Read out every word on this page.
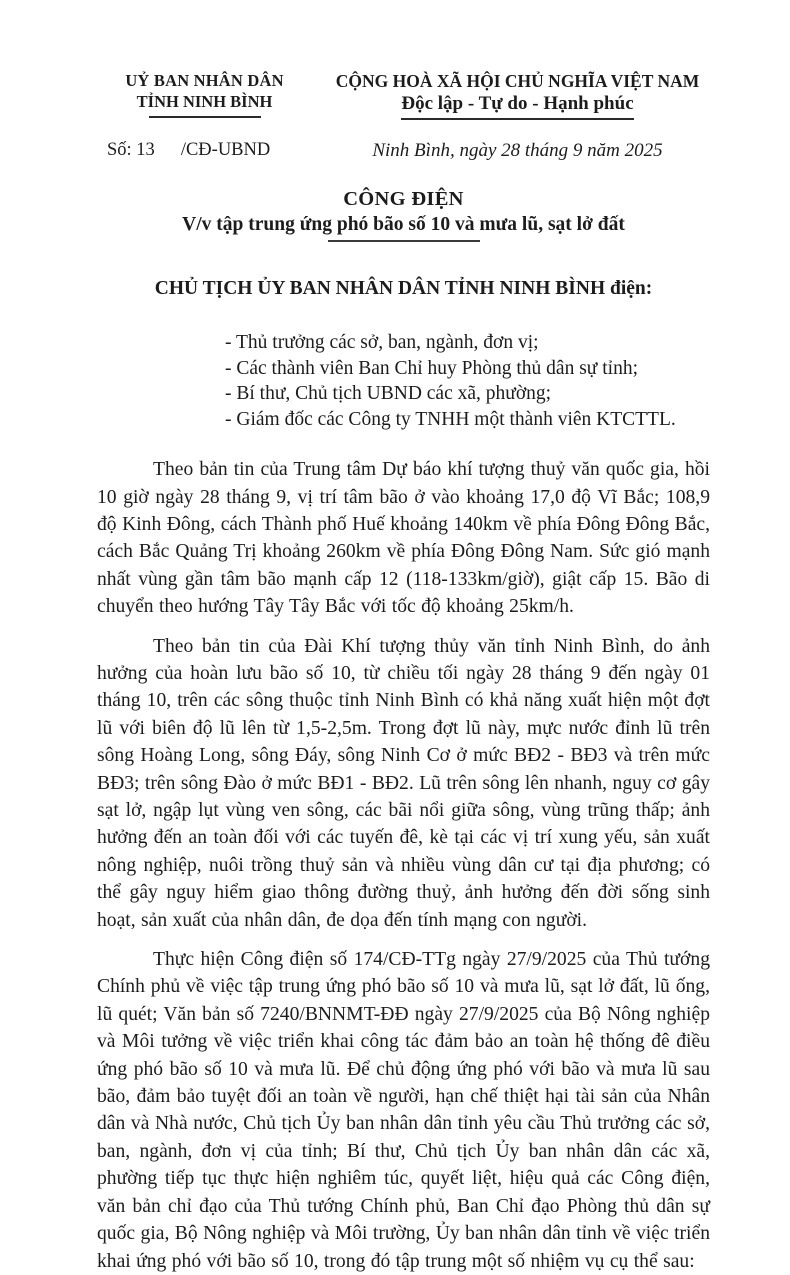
UỶ BAN NHÂN DÂN
TỈNH NINH BÌNH
Số: 13 /CĐ-UBND
CỘNG HOÀ XÃ HỘI CHỦ NGHĨA VIỆT NAM
Độc lập - Tự do - Hạnh phúc
Ninh Bình, ngày 28 tháng 9 năm 2025
CÔNG ĐIỆN
V/v tập trung ứng phó bão số 10 và mưa lũ, sạt lở đất
CHỦ TỊCH ỦY BAN NHÂN DÂN TỈNH NINH BÌNH điện:
- Thủ trưởng các sở, ban, ngành, đơn vị;
- Các thành viên Ban Chỉ huy Phòng thủ dân sự tỉnh;
- Bí thư, Chủ tịch UBND các xã, phường;
- Giám đốc các Công ty TNHH một thành viên KTCTTL.

Theo bản tin của Trung tâm Dự báo khí tượng thuỷ văn quốc gia, hồi 10 giờ ngày 28 tháng 9, vị trí tâm bão ở vào khoảng 17,0 độ Vĩ Bắc; 108,9 độ Kinh Đông, cách Thành phố Huế khoảng 140km về phía Đông Đông Bắc, cách Bắc Quảng Trị khoảng 260km về phía Đông Đông Nam. Sức gió mạnh nhất vùng gần tâm bão mạnh cấp 12 (118-133km/giờ), giật cấp 15. Bão di chuyển theo hướng Tây Tây Bắc với tốc độ khoảng 25km/h.

Theo bản tin của Đài Khí tượng thủy văn tỉnh Ninh Bình, do ảnh hưởng của hoàn lưu bão số 10, từ chiều tối ngày 28 tháng 9 đến ngày 01 tháng 10, trên các sông thuộc tỉnh Ninh Bình có khả năng xuất hiện một đợt lũ với biên độ lũ lên từ 1,5-2,5m. Trong đợt lũ này, mực nước đỉnh lũ trên sông Hoàng Long, sông Đáy, sông Ninh Cơ ở mức BĐ2 - BĐ3 và trên mức BĐ3; trên sông Đào ở mức BĐ1 - BĐ2. Lũ trên sông lên nhanh, nguy cơ gây sạt lở, ngập lụt vùng ven sông, các bãi nổi giữa sông, vùng trũng thấp; ảnh hưởng đến an toàn đối với các tuyến đê, kè tại các vị trí xung yếu, sản xuất nông nghiệp, nuôi trồng thuỷ sản và nhiều vùng dân cư tại địa phương; có thể gây nguy hiểm giao thông đường thuỷ, ảnh hưởng đến đời sống sinh hoạt, sản xuất của nhân dân, đe dọa đến tính mạng con người.

Thực hiện Công điện số 174/CĐ-TTg ngày 27/9/2025 của Thủ tướng Chính phủ về việc tập trung ứng phó bão số 10 và mưa lũ, sạt lở đất, lũ ống, lũ quét; Văn bản số 7240/BNNMT-ĐĐ ngày 27/9/2025 của Bộ Nông nghiệp và Môi tưởng về việc triển khai công tác đảm bảo an toàn hệ thống đê điều ứng phó bão số 10 và mưa lũ. Để chủ động ứng phó với bão và mưa lũ sau bão, đảm bảo tuyệt đối an toàn về người, hạn chế thiệt hại tài sản của Nhân dân và Nhà nước, Chủ tịch Ủy ban nhân dân tỉnh yêu cầu Thủ trưởng các sở, ban, ngành, đơn vị của tỉnh; Bí thư, Chủ tịch Ủy ban nhân dân các xã, phường tiếp tục thực hiện nghiêm túc, quyết liệt, hiệu quả các Công điện, văn bản chỉ đạo của Thủ tướng Chính phủ, Ban Chỉ đạo Phòng thủ dân sự quốc gia, Bộ Nông nghiệp và Môi trường, Ủy ban nhân dân tỉnh về việc triển khai ứng phó với bão số 10, trong đó tập trung một số nhiệm vụ cụ thể sau:
